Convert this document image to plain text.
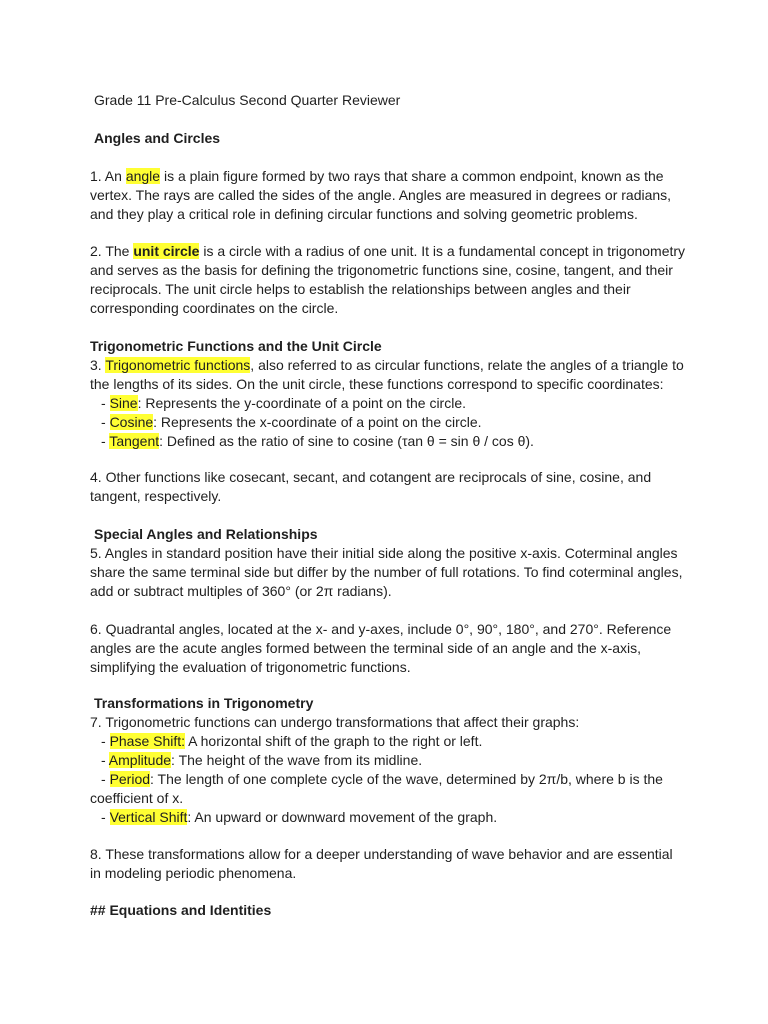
Grade 11 Pre-Calculus Second Quarter Reviewer

Angles and Circles

1. An angle is a plain figure formed by two rays that share a common endpoint, known as the
vertex. The rays are called the sides of the angle. Angles are measured in degrees or radians,
and they play a critical role in defining circular functions and solving geometric problems.
2. The unit circle is a circle with a radius of one unit. It is a fundamental concept in trigonometry
and serves as the basis for defining the trigonometric functions sine, cosine, tangent, and their
reciprocals. The unit circle helps to establish the relationships between angles and their
corresponding coordinates on the circle.
Trigonometric Functions and the Unit Circle
3. Trigonometric functions, also referred to as circular functions, relate the angles of a triangle to
the lengths of its sides. On the unit circle, these functions correspond to specific coordinates:
- Sine: Represents the y-coordinate of a point on the circle.
- Cosine: Represents the x-coordinate of a point on the circle.
- Tangent: Defined as the ratio of sine to cosine (τan θ = sin θ / cos θ).
4. Other functions like cosecant, secant, and cotangent are reciprocals of sine, cosine, and
tangent, respectively.
Special Angles and Relationships
5. Angles in standard position have their initial side along the positive x-axis. Coterminal angles
share the same terminal side but differ by the number of full rotations. To find coterminal angles,
add or subtract multiples of 360° (or 2π radians).
6. Quadrantal angles, located at the x- and y-axes, include 0°, 90°, 180°, and 270°. Reference
angles are the acute angles formed between the terminal side of an angle and the x-axis,
simplifying the evaluation of trigonometric functions.
Transformations in Trigonometry
7. Trigonometric functions can undergo transformations that affect their graphs:
- Phase Shift: A horizontal shift of the graph to the right or left.
- Amplitude: The height of the wave from its midline.
- Period: The length of one complete cycle of the wave, determined by 2π/b, where b is the
coefficient of x.
- Vertical Shift: An upward or downward movement of the graph.
8. These transformations allow for a deeper understanding of wave behavior and are essential
in modeling periodic phenomena.

## Equations and Identities
